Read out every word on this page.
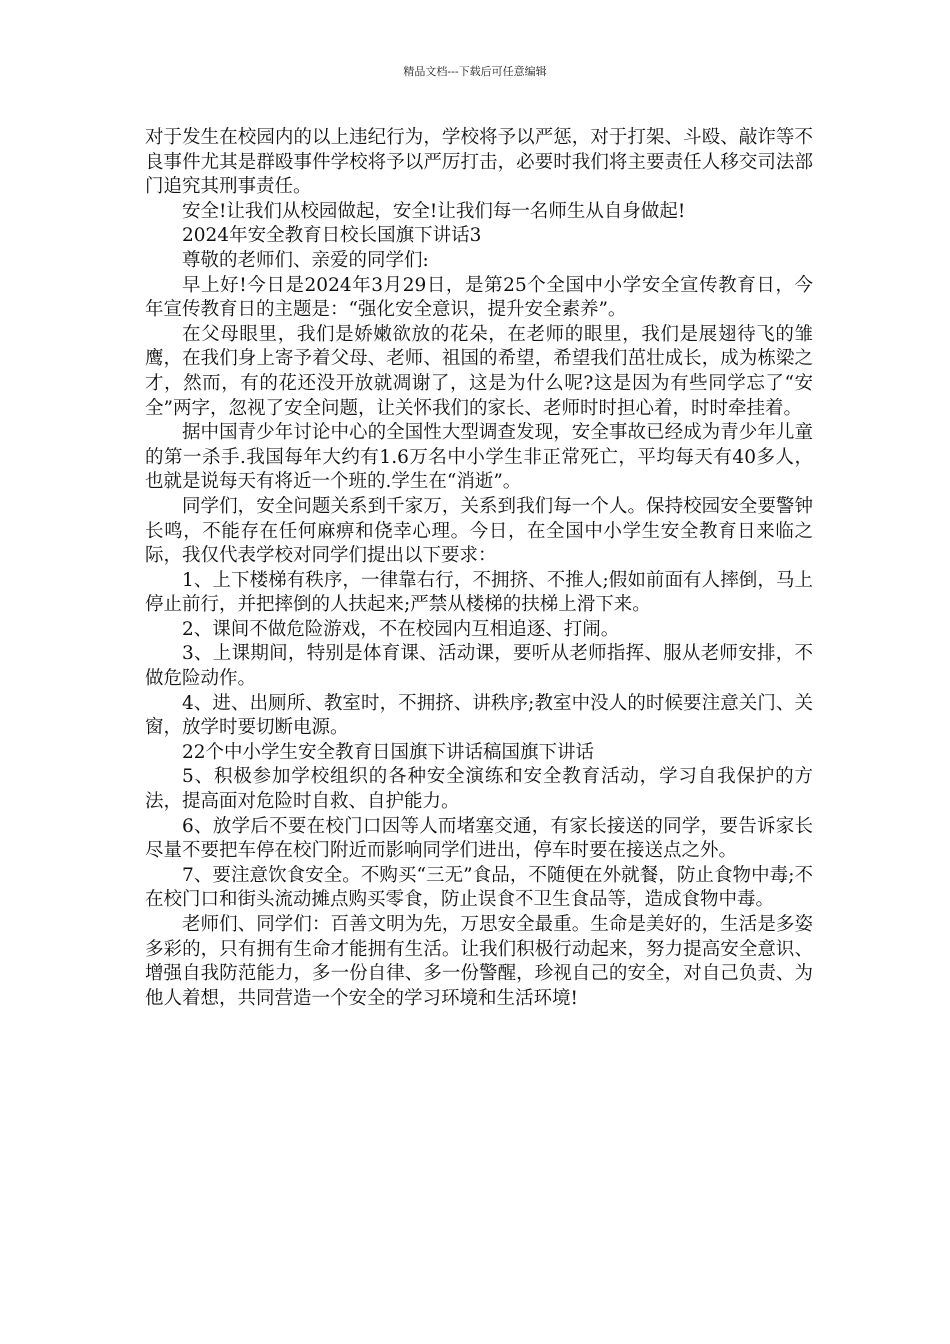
精品文档---下载后可任意编辑

对于发生在校园内的以上违纪行为，学校将予以严惩，对于打架、斗殴、敲诈等不良事件尤其是群殴事件学校将予以严厉打击，必要时我们将主要责任人移交司法部门追究其刑事责任。

安全!让我们从校园做起，安全!让我们每一名师生从自身做起!

2024年安全教育日校长国旗下讲话3

尊敬的老师们、亲爱的同学们:

早上好!今日是2024年3月29日，是第25个全国中小学安全宣传教育日，今年宣传教育日的主题是：“强化安全意识，提升安全素养”。

在父母眼里，我们是娇嫩欲放的花朵，在老师的眼里，我们是展翅待飞的雏鹰，在我们身上寄予着父母、老师、祖国的希望，希望我们茁壮成长，成为栋梁之才，然而，有的花还没开放就凋谢了，这是为什么呢?这是因为有些同学忘了“安全”两字，忽视了安全问题，让关怀我们的家长、老师时时担心着，时时牵挂着。

据中国青少年讨论中心的全国性大型调查发现，安全事故已经成为青少年儿童的第一杀手.我国每年大约有1.6万名中小学生非正常死亡，平均每天有40多人，也就是说每天有将近一个班的.学生在“消逝”。

同学们，安全问题关系到千家万，关系到我们每一个人。保持校园安全要警钟长鸣，不能存在任何麻痹和侥幸心理。今日，在全国中小学生安全教育日来临之际，我仅代表学校对同学们提出以下要求：

1、上下楼梯有秩序，一律靠右行，不拥挤、不推人;假如前面有人摔倒，马上停止前行，并把摔倒的人扶起来;严禁从楼梯的扶梯上滑下来。

2、课间不做危险游戏，不在校园内互相追逐、打闹。

3、上课期间，特别是体育课、活动课，要听从老师指挥、服从老师安排，不做危险动作。

4、进、出厕所、教室时，不拥挤、讲秩序;教室中没人的时候要注意关门、关窗，放学时要切断电源。

22个中小学生安全教育日国旗下讲话稿国旗下讲话

5、积极参加学校组织的各种安全演练和安全教育活动，学习自我保护的方法，提高面对危险时自救、自护能力。

6、放学后不要在校门口因等人而堵塞交通，有家长接送的同学，要告诉家长尽量不要把车停在校门附近而影响同学们进出，停车时要在接送点之外。

7、要注意饮食安全。不购买“三无”食品，不随便在外就餐，防止食物中毒;不在校门口和街头流动摊点购买零食，防止误食不卫生食品等，造成食物中毒。

老师们、同学们：百善文明为先，万思安全最重。生命是美好的，生活是多姿多彩的，只有拥有生命才能拥有生活。让我们积极行动起来，努力提高安全意识、增强自我防范能力，多一份自律、多一份警醒，珍视自己的安全，对自己负责、为他人着想，共同营造一个安全的学习环境和生活环境!
